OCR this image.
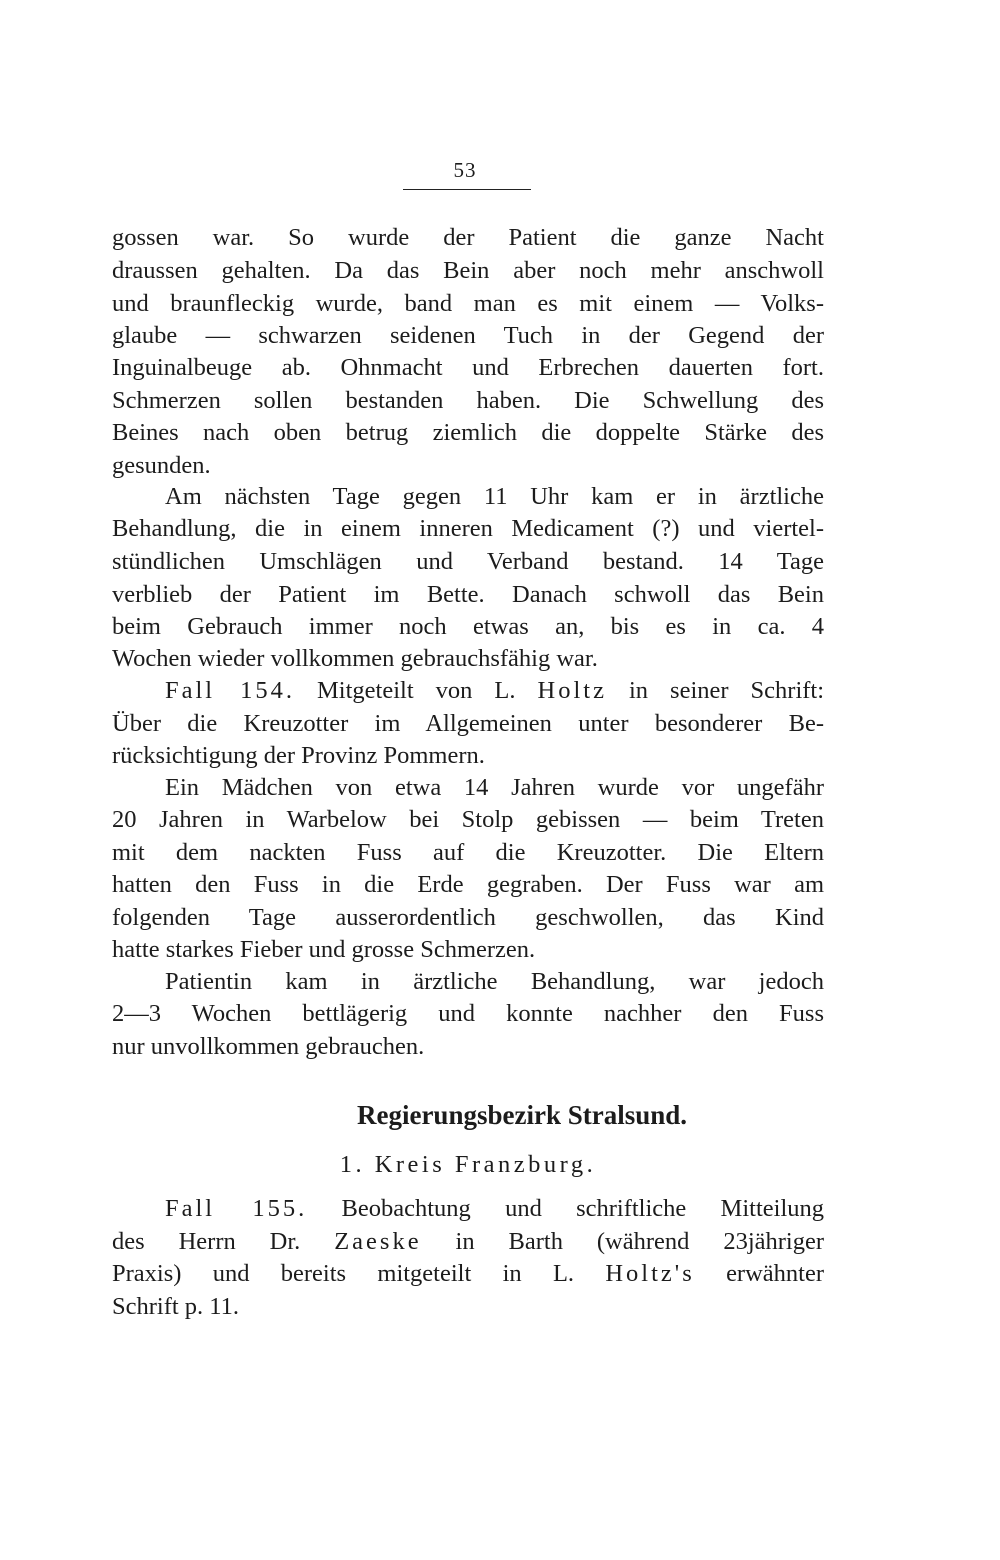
53
gossen war. So wurde der Patient die ganze Nacht
draussen gehalten. Da das Bein aber noch mehr anschwoll
und braunfleckig wurde, band man es mit einem — Volks-
glaube — schwarzen seidenen Tuch in der Gegend der
Inguinalbeuge ab. Ohnmacht und Erbrechen dauerten fort.
Schmerzen sollen bestanden haben. Die Schwellung des
Beines nach oben betrug ziemlich die doppelte Stärke des
gesunden.
Am nächsten Tage gegen 11 Uhr kam er in ärztliche
Behandlung, die in einem inneren Medicament (?) und viertel-
stündlichen Umschlägen und Verband bestand. 14 Tage
verblieb der Patient im Bette. Danach schwoll das Bein
beim Gebrauch immer noch etwas an, bis es in ca. 4
Wochen wieder vollkommen gebrauchsfähig war.
Fall 154. Mitgeteilt von L. Holtz in seiner Schrift:
Über die Kreuzotter im Allgemeinen unter besonderer Be-
rücksichtigung der Provinz Pommern.
Ein Mädchen von etwa 14 Jahren wurde vor ungefähr
20 Jahren in Warbelow bei Stolp gebissen — beim Treten
mit dem nackten Fuss auf die Kreuzotter. Die Eltern
hatten den Fuss in die Erde gegraben. Der Fuss war am
folgenden Tage ausserordentlich geschwollen, das Kind
hatte starkes Fieber und grosse Schmerzen.
Patientin kam in ärztliche Behandlung, war jedoch
2—3 Wochen bettlägerig und konnte nachher den Fuss
nur unvollkommen gebrauchen.
Regierungsbezirk Stralsund.
1. Kreis Franzburg.
Fall 155. Beobachtung und schriftliche Mitteilung
des Herrn Dr. Zaeske in Barth (während 23jähriger
Praxis) und bereits mitgeteilt in L. Holtz's erwähnter
Schrift p. 11.
